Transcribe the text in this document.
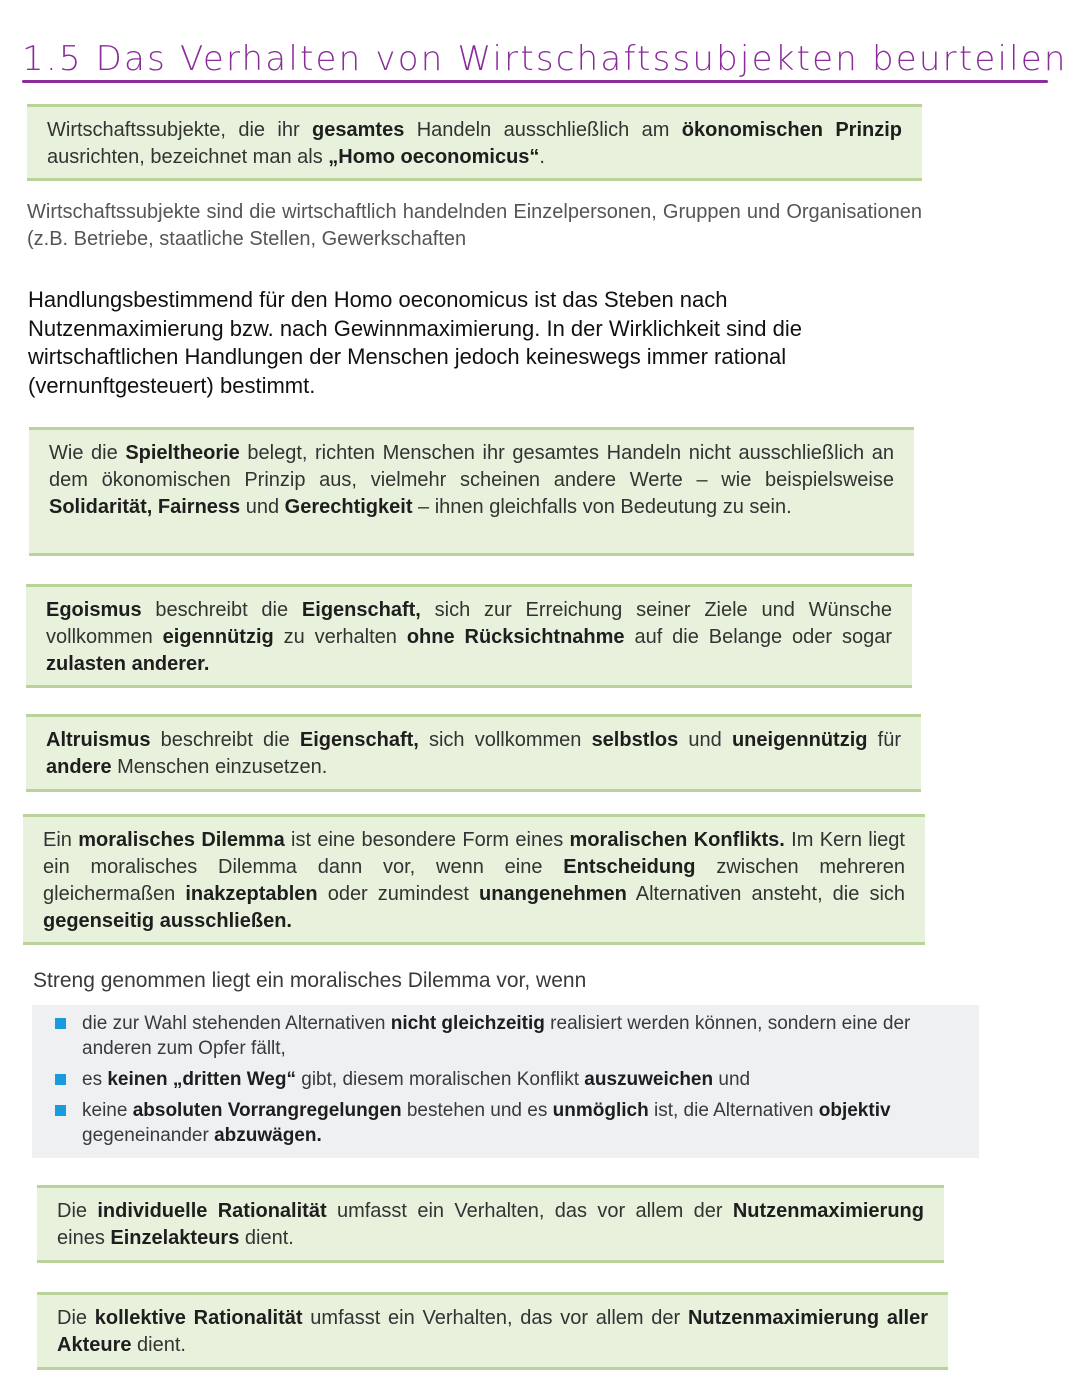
1.5 Das Verhalten von Wirtschaftssubjekten beurteilen
Wirtschaftssubjekte, die ihr gesamtes Handeln ausschließlich am ökonomischen Prinzip ausrichten, bezeichnet man als „Homo oeconomicus“.
Wirtschaftssubjekte sind die wirtschaftlich handelnden Einzelpersonen, Gruppen und Organisationen (z.B. Betriebe, staatliche Stellen, Gewerkschaften
Handlungsbestimmend für den Homo oeconomicus ist das Steben nach Nutzenmaximierung bzw. nach Gewinnmaximierung. In der Wirklichkeit sind die wirtschaftlichen Handlungen der Menschen jedoch keineswegs immer rational (vernunftgesteuert) bestimmt.
Wie die Spieltheorie belegt, richten Menschen ihr gesamtes Handeln nicht ausschließlich an dem ökonomischen Prinzip aus, vielmehr scheinen andere Werte – wie beispielsweise Solidarität, Fairness und Gerechtigkeit – ihnen gleichfalls von Bedeutung zu sein.
Egoismus beschreibt die Eigenschaft, sich zur Erreichung seiner Ziele und Wünsche vollkommen eigennützig zu verhalten ohne Rücksichtnahme auf die Belange oder sogar zulasten anderer.
Altruismus beschreibt die Eigenschaft, sich vollkommen selbstlos und uneigennützig für andere Menschen einzusetzen.
Ein moralisches Dilemma ist eine besondere Form eines moralischen Konflikts. Im Kern liegt ein moralisches Dilemma dann vor, wenn eine Entscheidung zwischen mehreren gleichermaßen inakzeptablen oder zumindest unangenehmen Alternativen ansteht, die sich gegenseitig ausschließen.
Streng genommen liegt ein moralisches Dilemma vor, wenn
die zur Wahl stehenden Alternativen nicht gleichzeitig realisiert werden können, sondern eine der anderen zum Opfer fällt,
es keinen „dritten Weg“ gibt, diesem moralischen Konflikt auszuweichen und
keine absoluten Vorrangregelungen bestehen und es unmöglich ist, die Alternativen objektiv gegeneinander abzuwägen.
Die individuelle Rationalität umfasst ein Verhalten, das vor allem der Nutzenmaximierung eines Einzelakteurs dient.
Die kollektive Rationalität umfasst ein Verhalten, das vor allem der Nutzenmaximierung aller Akteure dient.
